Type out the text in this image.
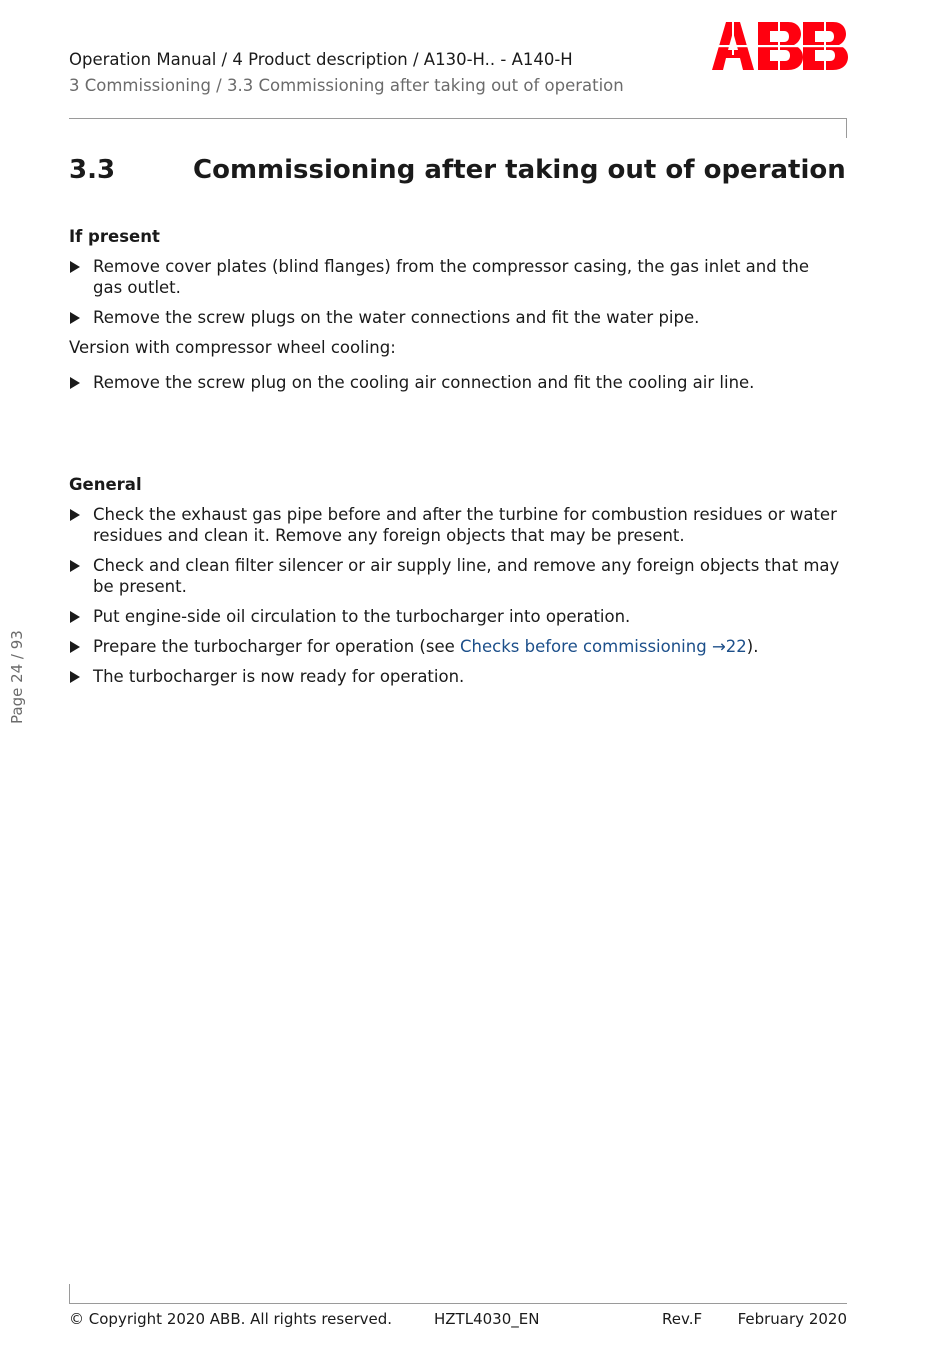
Operation Manual / 4 Product description / A130-H.. - A140-H
3 Commissioning / 3.3 Commissioning after taking out of operation
3.3	Commissioning after taking out of operation
If present
Remove cover plates (blind flanges) from the compressor casing, the gas inlet and the gas outlet.
Remove the screw plugs on the water connections and fit the water pipe.
Version with compressor wheel cooling:
Remove the screw plug on the cooling air connection and fit the cooling air line.
General
Check the exhaust gas pipe before and after the turbine for combustion residues or water residues and clean it. Remove any foreign objects that may be present.
Check and clean filter silencer or air supply line, and remove any foreign objects that may be present.
Put engine-side oil circulation to the turbocharger into operation.
Prepare the turbocharger for operation (see Checks before commissioning →22).
The turbocharger is now ready for operation.
Page 24 / 93
© Copyright 2020 ABB. All rights reserved.	HZTL4030_EN	Rev.F February 2020
